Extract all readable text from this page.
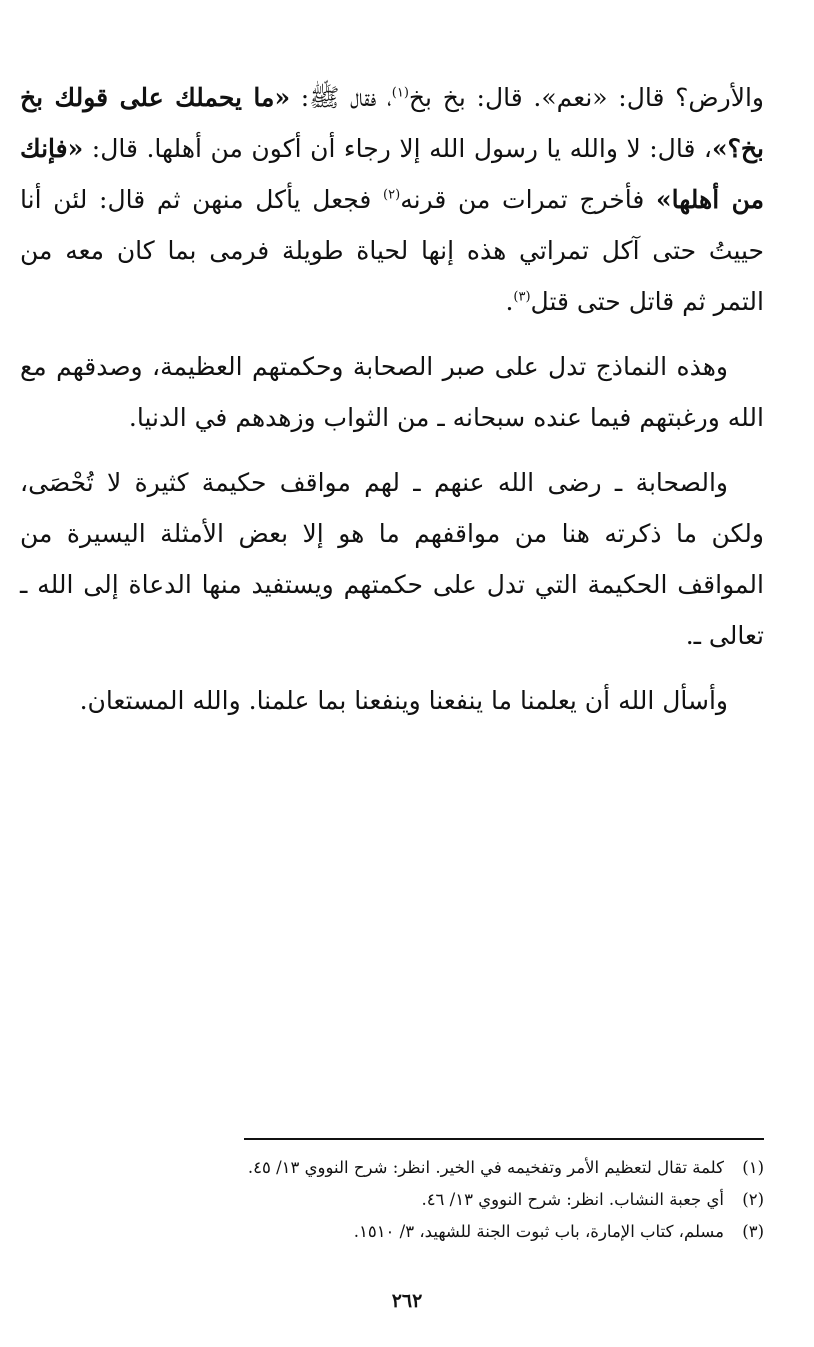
والأرض؟ قال: «نعم». قال: بخ بخ$^{(١)}$، فقال ﷺ: «ما يحملك على قولك بخ بخ؟»، قال: لا والله يا رسول الله إلا رجاء أن أكون من أهلها. قال: «فإنك من أهلها» فأخرج تمرات من قرنه$^{(٢)}$ فجعل يأكل منهن ثم قال: لئن أنا حييتُ حتى آكل تمراتي هذه إنها لحياة طويلة فرمى بما كان معه من التمر ثم قاتل حتى قتل$^{(٣)}$.

وهذه النماذج تدل على صبر الصحابة وحكمتهم العظيمة، وصدقهم مع الله ورغبتهم فيما عنده سبحانه ـ من الثواب وزهدهم في الدنيا.

والصحابة ـ رضى الله عنهم ـ لهم مواقف حكيمة كثيرة لا تُحْصَى، ولكن ما ذكرته هنا من مواقفهم ما هو إلا بعض الأمثلة اليسيرة من المواقف الحكيمة التي تدل على حكمتهم ويستفيد منها الدعاة إلى الله ـ تعالى ـ.

وأسأل الله أن يعلمنا ما ينفعنا وينفعنا بما علمنا. والله المستعان.

(١)
كلمة تقال لتعظيم الأمر وتفخيمه في الخير. انظر: شرح النووي ١٣/ ٤٥.
(٢)
أي جعبة النشاب. انظر: شرح النووي ١٣/ ٤٦.
(٣)
مسلم، كتاب الإمارة، باب ثبوت الجنة للشهيد، ٣/ ١٥١٠.
٢٦٢
